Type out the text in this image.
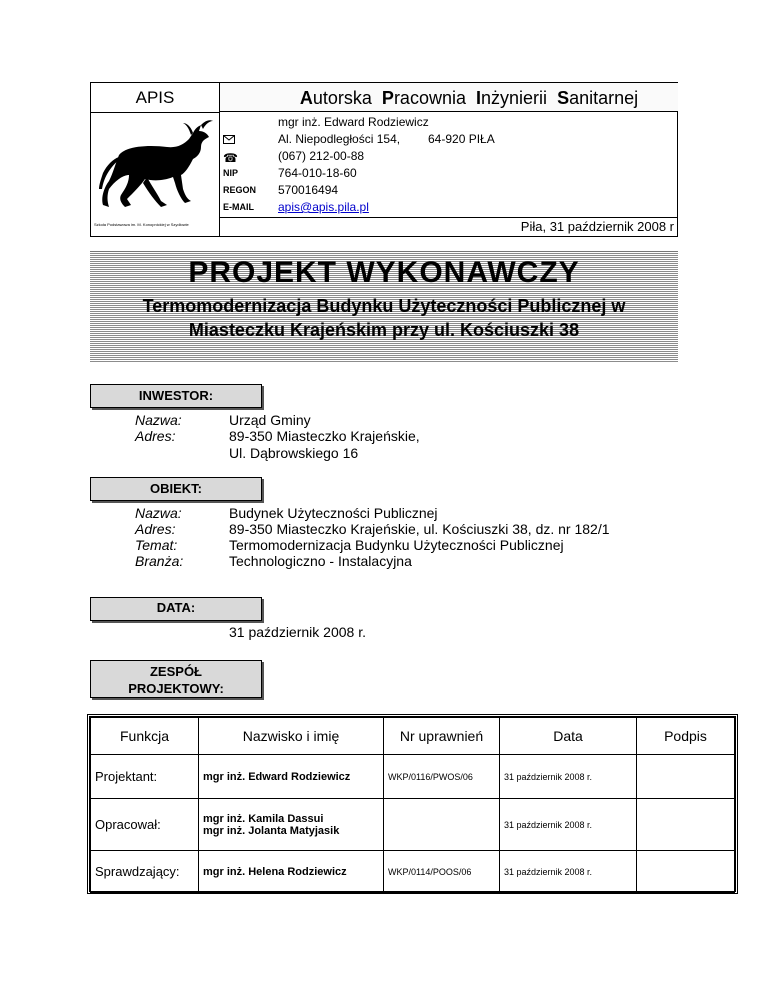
APIS
Szkoła Podstawowa im. M. Konopnickiej w Szydłowie
Autorska Pracownia Inżynierii Sanitarnej
mgr inż. Edward Rodziewicz
Al. Niepodległości 154, 64-920 PIŁA
☎	(067) 212-00-88
NIP	764-010-18-60
REGON 570016494
E-MAIL apis@apis.pila.pl
Piła, 31 październik 2008 r
PROJEKT WYKONAWCZY
Termomodernizacja Budynku Użyteczności Publicznej w
Miasteczku Krajeńskim przy ul. Kościuszki 38
INWESTOR:
Nazwa:	Urząd Gminy
Adres:	89-350 Miasteczko Krajeńskie,
Ul. Dąbrowskiego 16
OBIEKT:
Nazwa:	Budynek Użyteczności Publicznej
Adres:	89-350 Miasteczko Krajeńskie, ul. Kościuszki 38, dz. nr 182/1
Temat:	Termomodernizacja Budynku Użyteczności Publicznej
Branża:	Technologiczno - Instalacyjna
DATA:
31 październik 2008 r.
ZESPÓŁ
PROJEKTOWY:
Funkcja	Nazwisko i imię	Nr uprawnień	Data	Podpis
Projektant:	mgr inż. Edward Rodziewicz	WKP/0116/PWOS/06	31 październik 2008 r.	
Opracował:	mgr inż. Kamila Dassui
mgr inż. Jolanta Matyjasik		31 październik 2008 r.	
Sprawdzający:	mgr inż. Helena Rodziewicz	WKP/0114/POOS/06	31 październik 2008 r.	
